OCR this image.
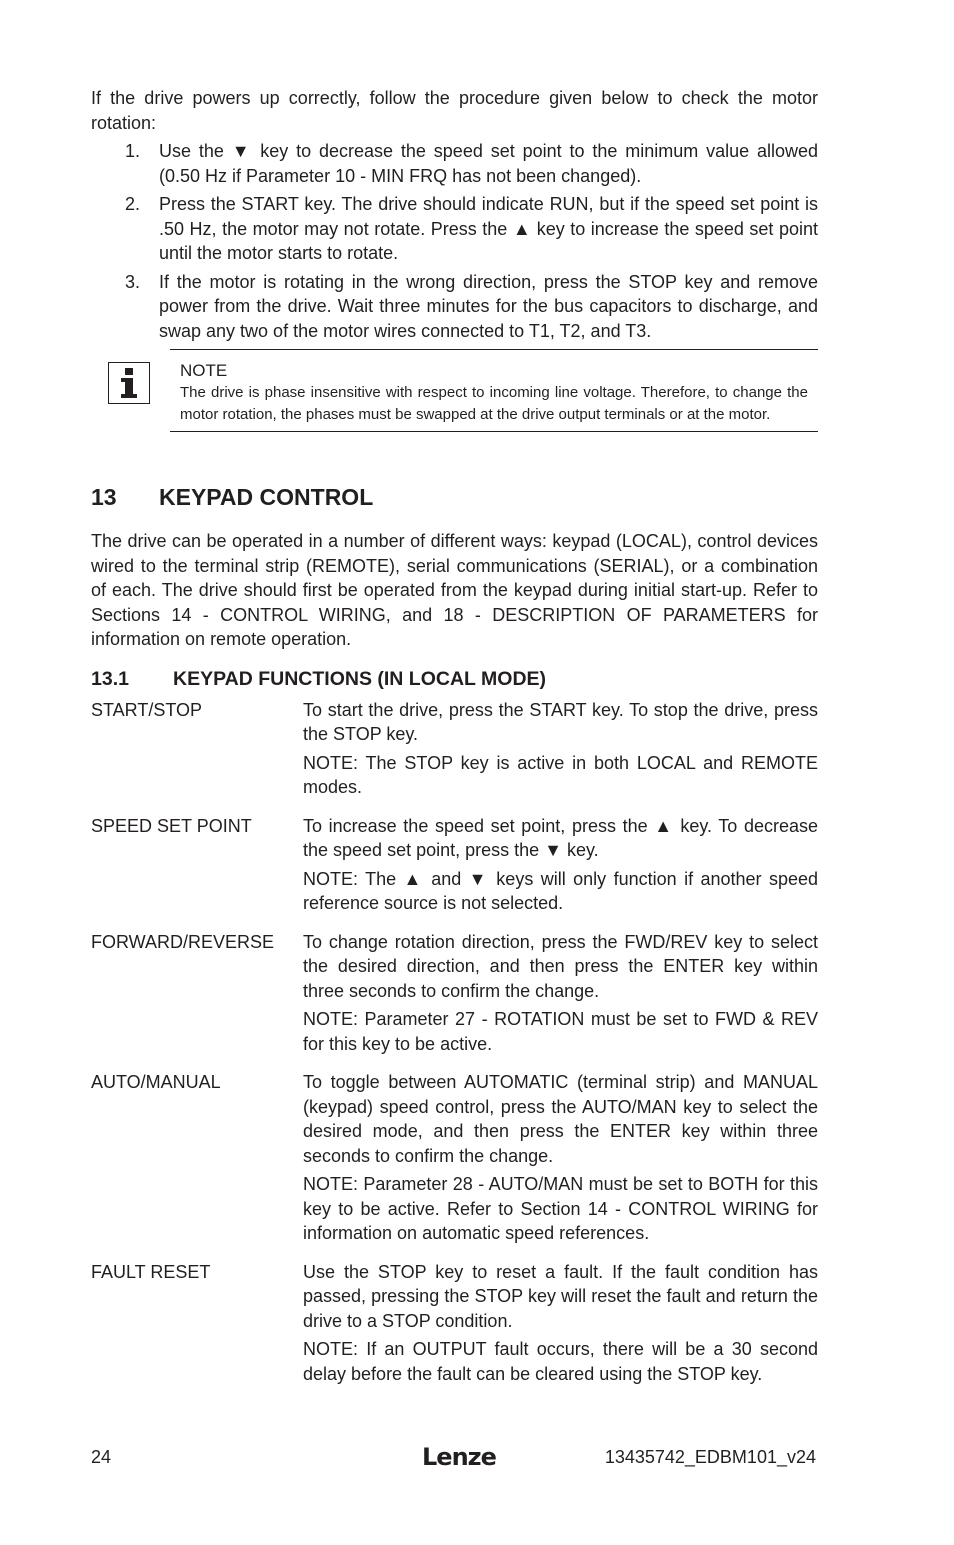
If the drive powers up correctly, follow the procedure given below to check the motor rotation:

1.	Use the ▼ key to decrease the speed set point to the minimum value allowed (0.50 Hz if Parameter 10 - MIN FRQ has not been changed).
2.	Press the START key. The drive should indicate RUN, but if the speed set point is .50 Hz, the motor may not rotate. Press the ▲ key to increase the speed set point until the motor starts to rotate.
3.	If the motor is rotating in the wrong direction, press the STOP key and remove power from the drive. Wait three minutes for the bus capacitors to discharge, and swap any two of the motor wires connected to T1, T2, and T3.

NOTE

The drive is phase insensitive with respect to incoming line voltage. Therefore, to change the motor rotation, the phases must be swapped at the drive output terminals or at the motor.

13	KEYPAD CONTROL

The drive can be operated in a number of different ways: keypad (LOCAL), control devices wired to the terminal strip (REMOTE), serial communications (SERIAL), or a combination of each. The drive should first be operated from the keypad during initial start-up. Refer to Sections 14 - CONTROL WIRING, and 18 - DESCRIPTION OF PARAMETERS for information on remote operation.

13.1	KEYPAD FUNCTIONS (IN LOCAL MODE)
START/STOP	To start the drive, press the START key. To stop the drive, press the STOP key.

NOTE: The STOP key is active in both LOCAL and REMOTE modes.

SPEED SET POINT	To increase the speed set point, press the ▲ key. To decrease the speed set point, press the ▼ key.

NOTE: The ▲ and ▼ keys will only function if another speed reference source is not selected.

FORWARD/REVERSE	To change rotation direction, press the FWD/REV key to select the desired direction, and then press the ENTER key within three seconds to confirm the change.

NOTE: Parameter 27 - ROTATION must be set to FWD & REV for this key to be active.

AUTO/MANUAL	To toggle between AUTOMATIC (terminal strip) and MANUAL (keypad) speed control, press the AUTO/MAN key to select the desired mode, and then press the ENTER key within three seconds to confirm the change.

NOTE: Parameter 28 - AUTO/MAN must be set to BOTH for this key to be active. Refer to Section 14 - CONTROL WIRING for information on automatic speed references.

FAULT RESET	Use the STOP key to reset a fault. If the fault condition has passed, pressing the STOP key will reset the fault and return the drive to a STOP condition.

NOTE: If an OUTPUT fault occurs, there will be a 30 second delay before the fault can be cleared using the STOP key.

24	Lenze	13435742_EDBM101_v24
